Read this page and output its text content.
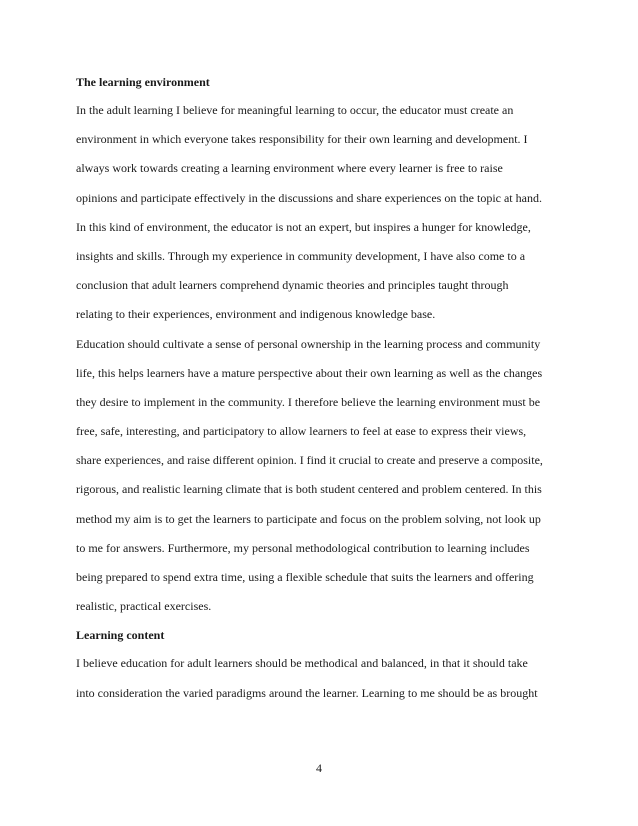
The learning environment

In the adult learning I believe for meaningful learning to occur, the educator must create an
environment in which everyone takes responsibility for their own learning and development. I
always work towards creating a learning environment where every learner is free to raise
opinions and participate effectively in the discussions and share experiences on the topic at hand.
In this kind of environment, the educator is not an expert, but inspires a hunger for knowledge,
insights and skills. Through my experience in community development, I have also come to a
conclusion that adult learners comprehend dynamic theories and principles taught through
relating to their experiences, environment and indigenous knowledge base.
Education should cultivate a sense of personal ownership in the learning process and community
life, this helps learners have a mature perspective about their own learning as well as the changes
they desire to implement in the community. I therefore believe the learning environment must be
free, safe, interesting, and participatory to allow learners to feel at ease to express their views,
share experiences, and raise different opinion. I find it crucial to create and preserve a composite,
rigorous, and realistic learning climate that is both student centered and problem centered. In this
method my aim is to get the learners to participate and focus on the problem solving, not look up
to me for answers. Furthermore, my personal methodological contribution to learning includes
being prepared to spend extra time, using a flexible schedule that suits the learners and offering
realistic, practical exercises.

Learning content

I believe education for adult learners should be methodical and balanced, in that it should take
into consideration the varied paradigms around the learner. Learning to me should be as brought
4
